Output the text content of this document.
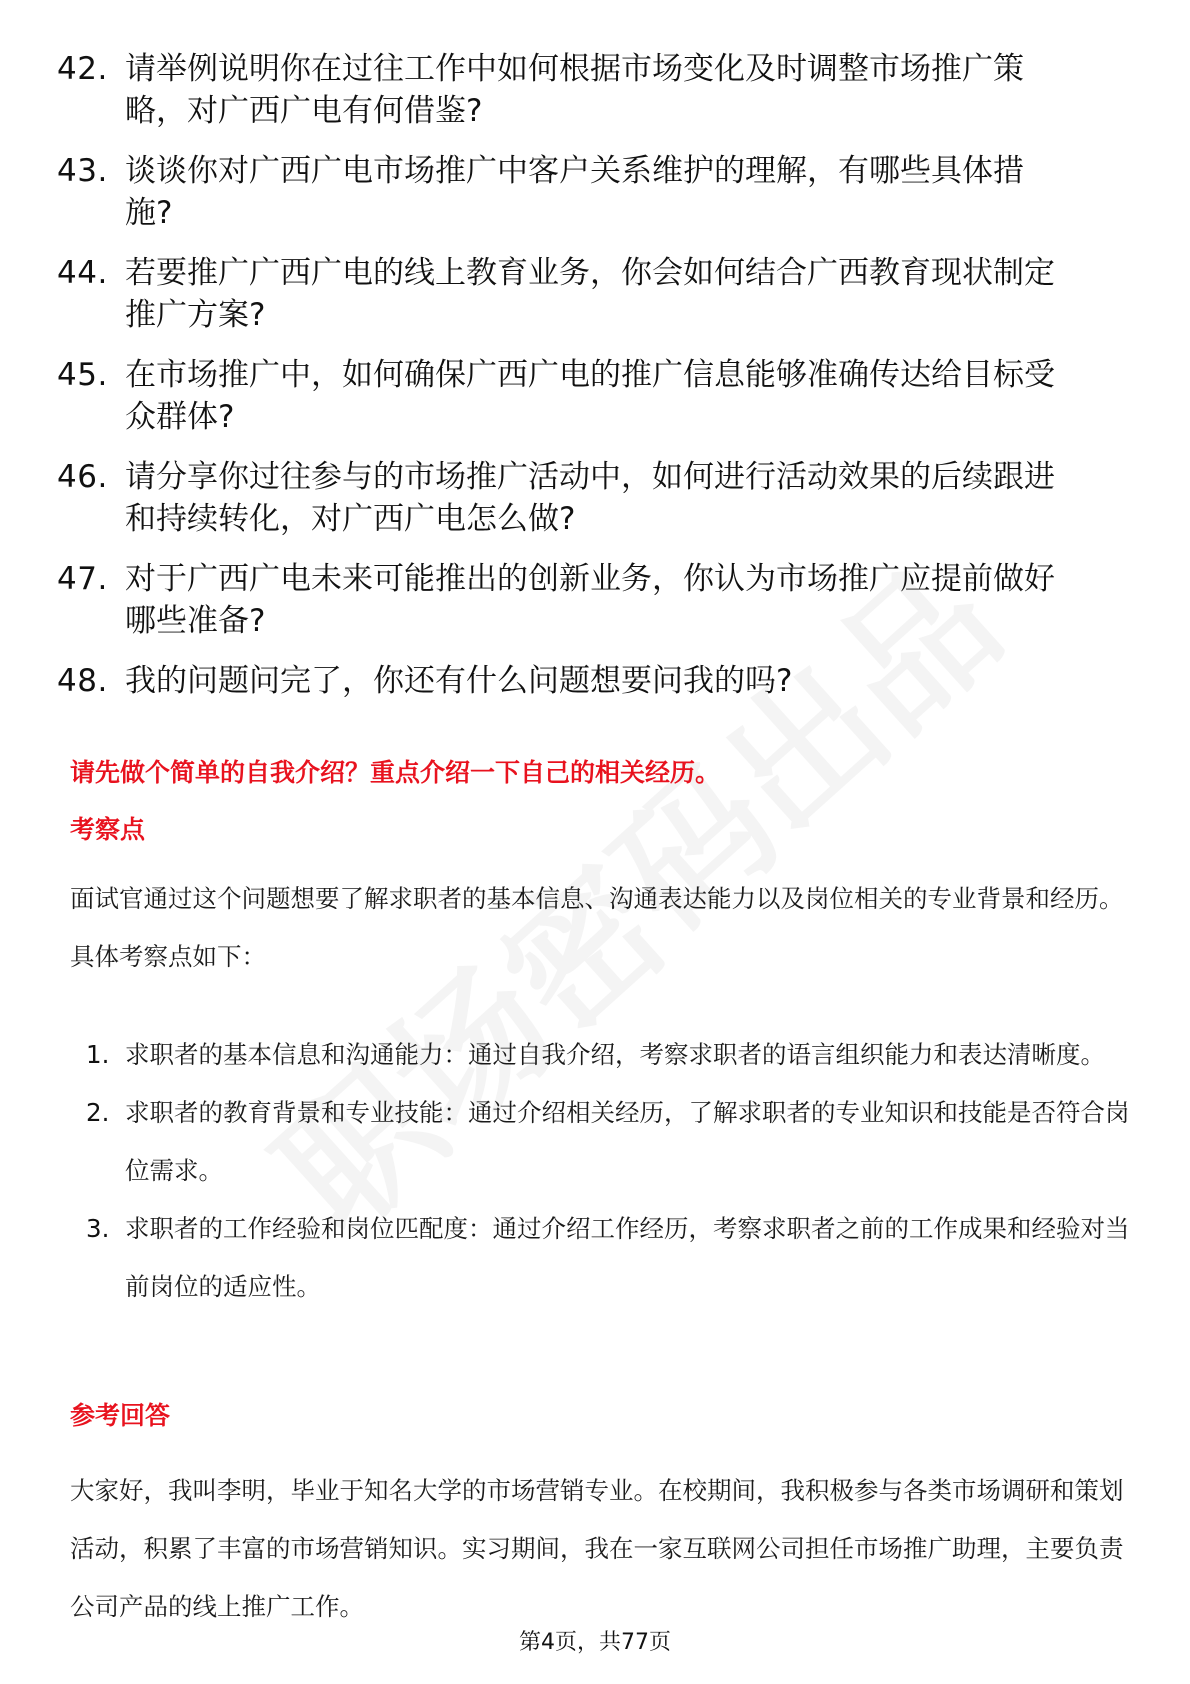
42. 请举例说明你在过往工作中如何根据市场变化及时调整市场推广策略，对广西广电有何借鉴?
43. 谈谈你对广西广电市场推广中客户关系维护的理解，有哪些具体措施?
44. 若要推广广西广电的线上教育业务，你会如何结合广西教育现状制定推广方案?
45. 在市场推广中，如何确保广西广电的推广信息能够准确传达给目标受众群体?
46. 请分享你过往参与的市场推广活动中，如何进行活动效果的后续跟进和持续转化，对广西广电怎么做?
47. 对于广西广电未来可能推出的创新业务，你认为市场推广应提前做好哪些准备?
48. 我的问题问完了，你还有什么问题想要问我的吗?

请先做个简单的自我介绍？重点介绍一下自己的相关经历。

考察点

面试官通过这个问题想要了解求职者的基本信息、沟通表达能力以及岗位相关的专业背景和经历。具体考察点如下：

1. 求职者的基本信息和沟通能力：通过自我介绍，考察求职者的语言组织能力和表达清晰度。
2. 求职者的教育背景和专业技能：通过介绍相关经历，了解求职者的专业知识和技能是否符合岗位需求。
3. 求职者的工作经验和岗位匹配度：通过介绍工作经历，考察求职者之前的工作成果和经验对当前岗位的适应性。

参考回答

大家好，我叫李明，毕业于知名大学的市场营销专业。在校期间，我积极参与各类市场调研和策划活动，积累了丰富的市场营销知识。实习期间，我在一家互联网公司担任市场推广助理，主要负责公司产品的线上推广工作。

第4页，共77页
